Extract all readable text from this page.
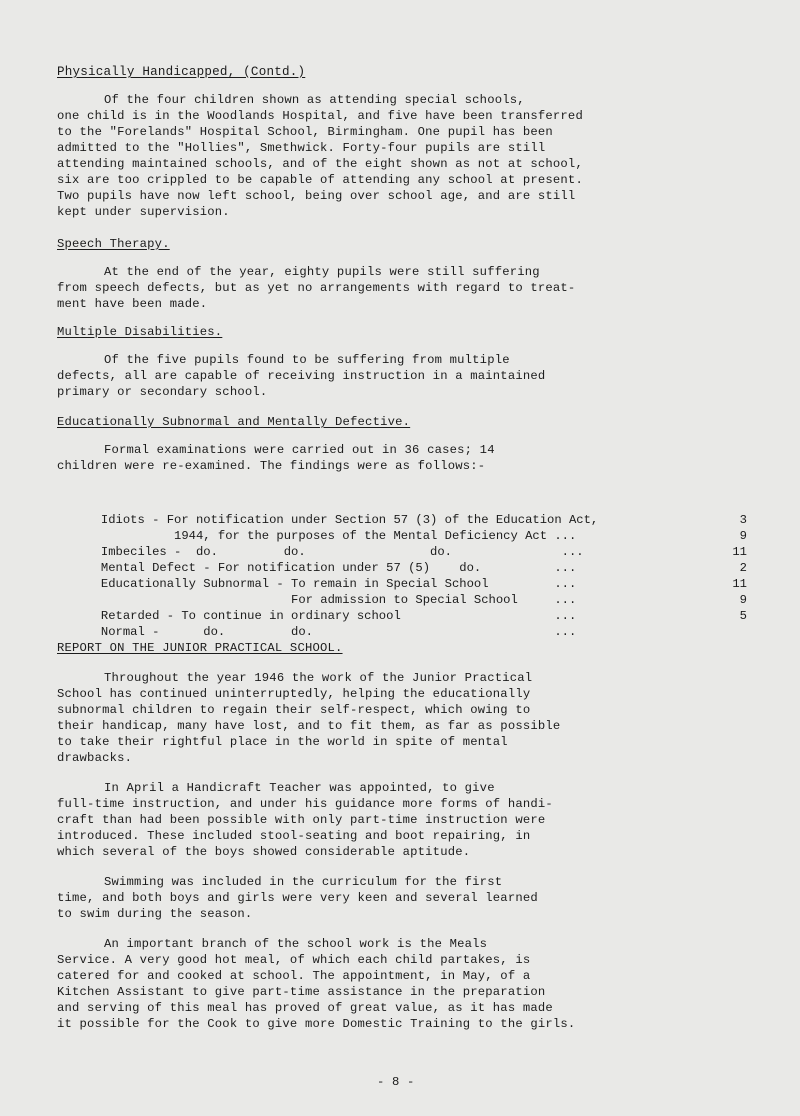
Physically Handicapped, (Contd.)
Of the four children shown as attending special schools,
one child is in the Woodlands Hospital, and five have been transferred
to the "Forelands" Hospital School, Birmingham. One pupil has been
admitted to the "Hollies", Smethwick. Forty-four pupils are still
attending maintained schools, and of the eight shown as not at school,
six are too crippled to be capable of attending any school at present.
Two pupils have now left school, being over school age, and are still
kept under supervision.
Speech Therapy.
At the end of the year, eighty pupils were still suffering
from speech defects, but as yet no arrangements with regard to treat-
ment have been made.
Multiple Disabilities.
Of the five pupils found to be suffering from multiple
defects, all are capable of receiving instruction in a maintained
primary or secondary school.
Educationally Subnormal and Mentally Defective.
Formal examinations were carried out in 36 cases; 14
children were re-examined. The findings were as follows:-

Idiots - For notification under Section 57 (3) of the Education Act,

1944, for the purposes of the Mental Deficiency Act ...

3

Imbeciles -  do.         do.                 do.               ...

9

Mental Defect - For notification under 57 (5)    do.          ...

11

Educationally Subnormal - To remain in Special School         ...

2

For admission to Special School     ...

11

Retarded - To continue in ordinary school                     ...

9

Normal -      do.         do.                                 ...

5

REPORT ON THE JUNIOR PRACTICAL SCHOOL.
Throughout the year 1946 the work of the Junior Practical
School has continued uninterruptedly, helping the educationally
subnormal children to regain their self-respect, which owing to
their handicap, many have lost, and to fit them, as far as possible
to take their rightful place in the world in spite of mental
drawbacks.
In April a Handicraft Teacher was appointed, to give
full-time instruction, and under his guidance more forms of handi-
craft than had been possible with only part-time instruction were
introduced. These included stool-seating and boot repairing, in
which several of the boys showed considerable aptitude.
Swimming was included in the curriculum for the first
time, and both boys and girls were very keen and several learned
to swim during the season.
An important branch of the school work is the Meals
Service. A very good hot meal, of which each child partakes, is
catered for and cooked at school. The appointment, in May, of a
Kitchen Assistant to give part-time assistance in the preparation
and serving of this meal has proved of great value, as it has made
it possible for the Cook to give more Domestic Training to the girls.
- 8 -
